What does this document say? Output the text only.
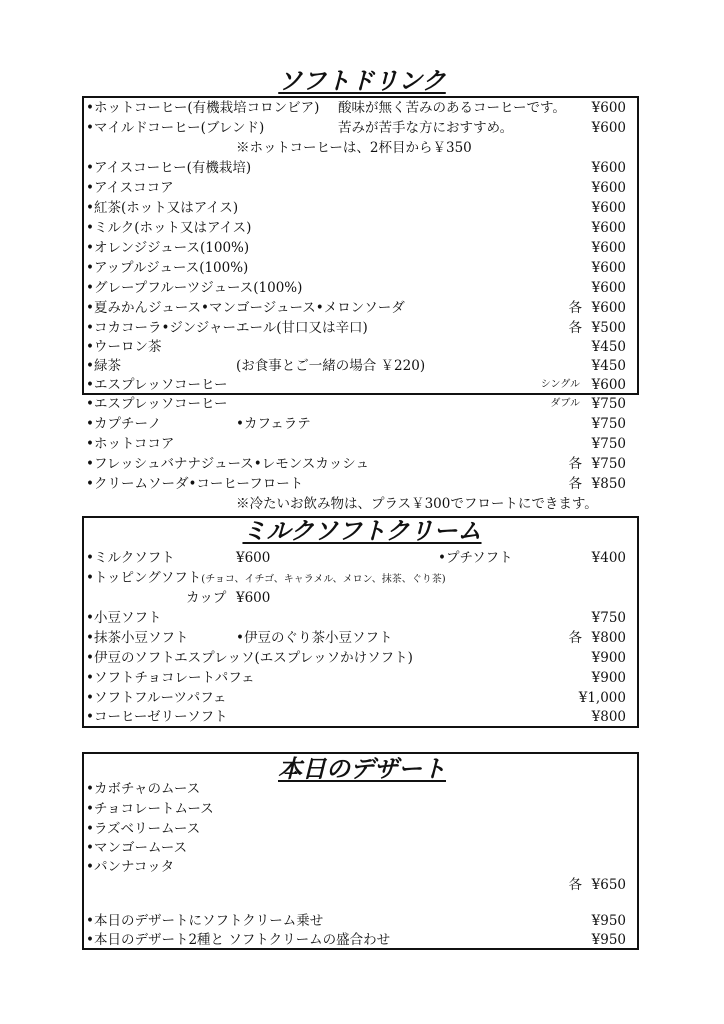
ソフトドリンク
•ホットコーヒー(有機栽培コロンビア) 酸味が無く苦みのあるコーヒーです。 ¥600
•マイルドコーヒー(ブレンド)	苦みが苦手な方におすすめ。	¥600
※ホットコーヒーは、2杯目から￥350
•アイスコーヒー(有機栽培)	¥600
•アイスココア	¥600
•紅茶(ホット又はアイス)	¥600
•ミルク(ホット又はアイス)	¥600
•オレンジジュース(100%)	¥600
•アップルジュース(100%)	¥600
•グレープフルーツジュース(100%)	¥600
•夏みかんジュース•マンゴージュース•メロンソーダ	各 ¥600
•コカコーラ•ジンジャーエール(甘口又は辛口)	各 ¥500
•ウーロン茶	¥450
•緑茶	(お食事とご一緒の場合 ￥220)	¥450
•エスプレッソコーヒー	シングル ¥600
•エスプレッソコーヒー	ダブル ¥750
•カプチーノ	•カフェラテ	¥750
•ホットココア	¥750
•フレッシュバナナジュース•レモンスカッシュ	各 ¥750
•クリームソーダ•コーヒーフロート	各 ¥850
※冷たいお飲み物は、プラス￥300でフロートにできます。
ミルクソフトクリーム
•ミルクソフト	¥600	•プチソフト	¥400
•トッピングソフト(チョコ、イチゴ、キャラメル、メロン、抹茶、ぐり茶)
カップ ¥600
•小豆ソフト	¥750
•抹茶小豆ソフト	•伊豆のぐり茶小豆ソフト	各 ¥800
•伊豆のソフトエスプレッソ(エスプレッソかけソフト)	¥900
•ソフトチョコレートパフェ	¥900
•ソフトフルーツパフェ	¥1,000
•コーヒーゼリーソフト	¥800
本日のデザート
•カボチャのムース
•チョコレートムース
•ラズベリームース
•マンゴームース
•パンナコッタ
各 ¥650
•本日のデザートにソフトクリーム乗せ	¥950
•本日のデザート2種と ソフトクリームの盛合わせ	¥950
